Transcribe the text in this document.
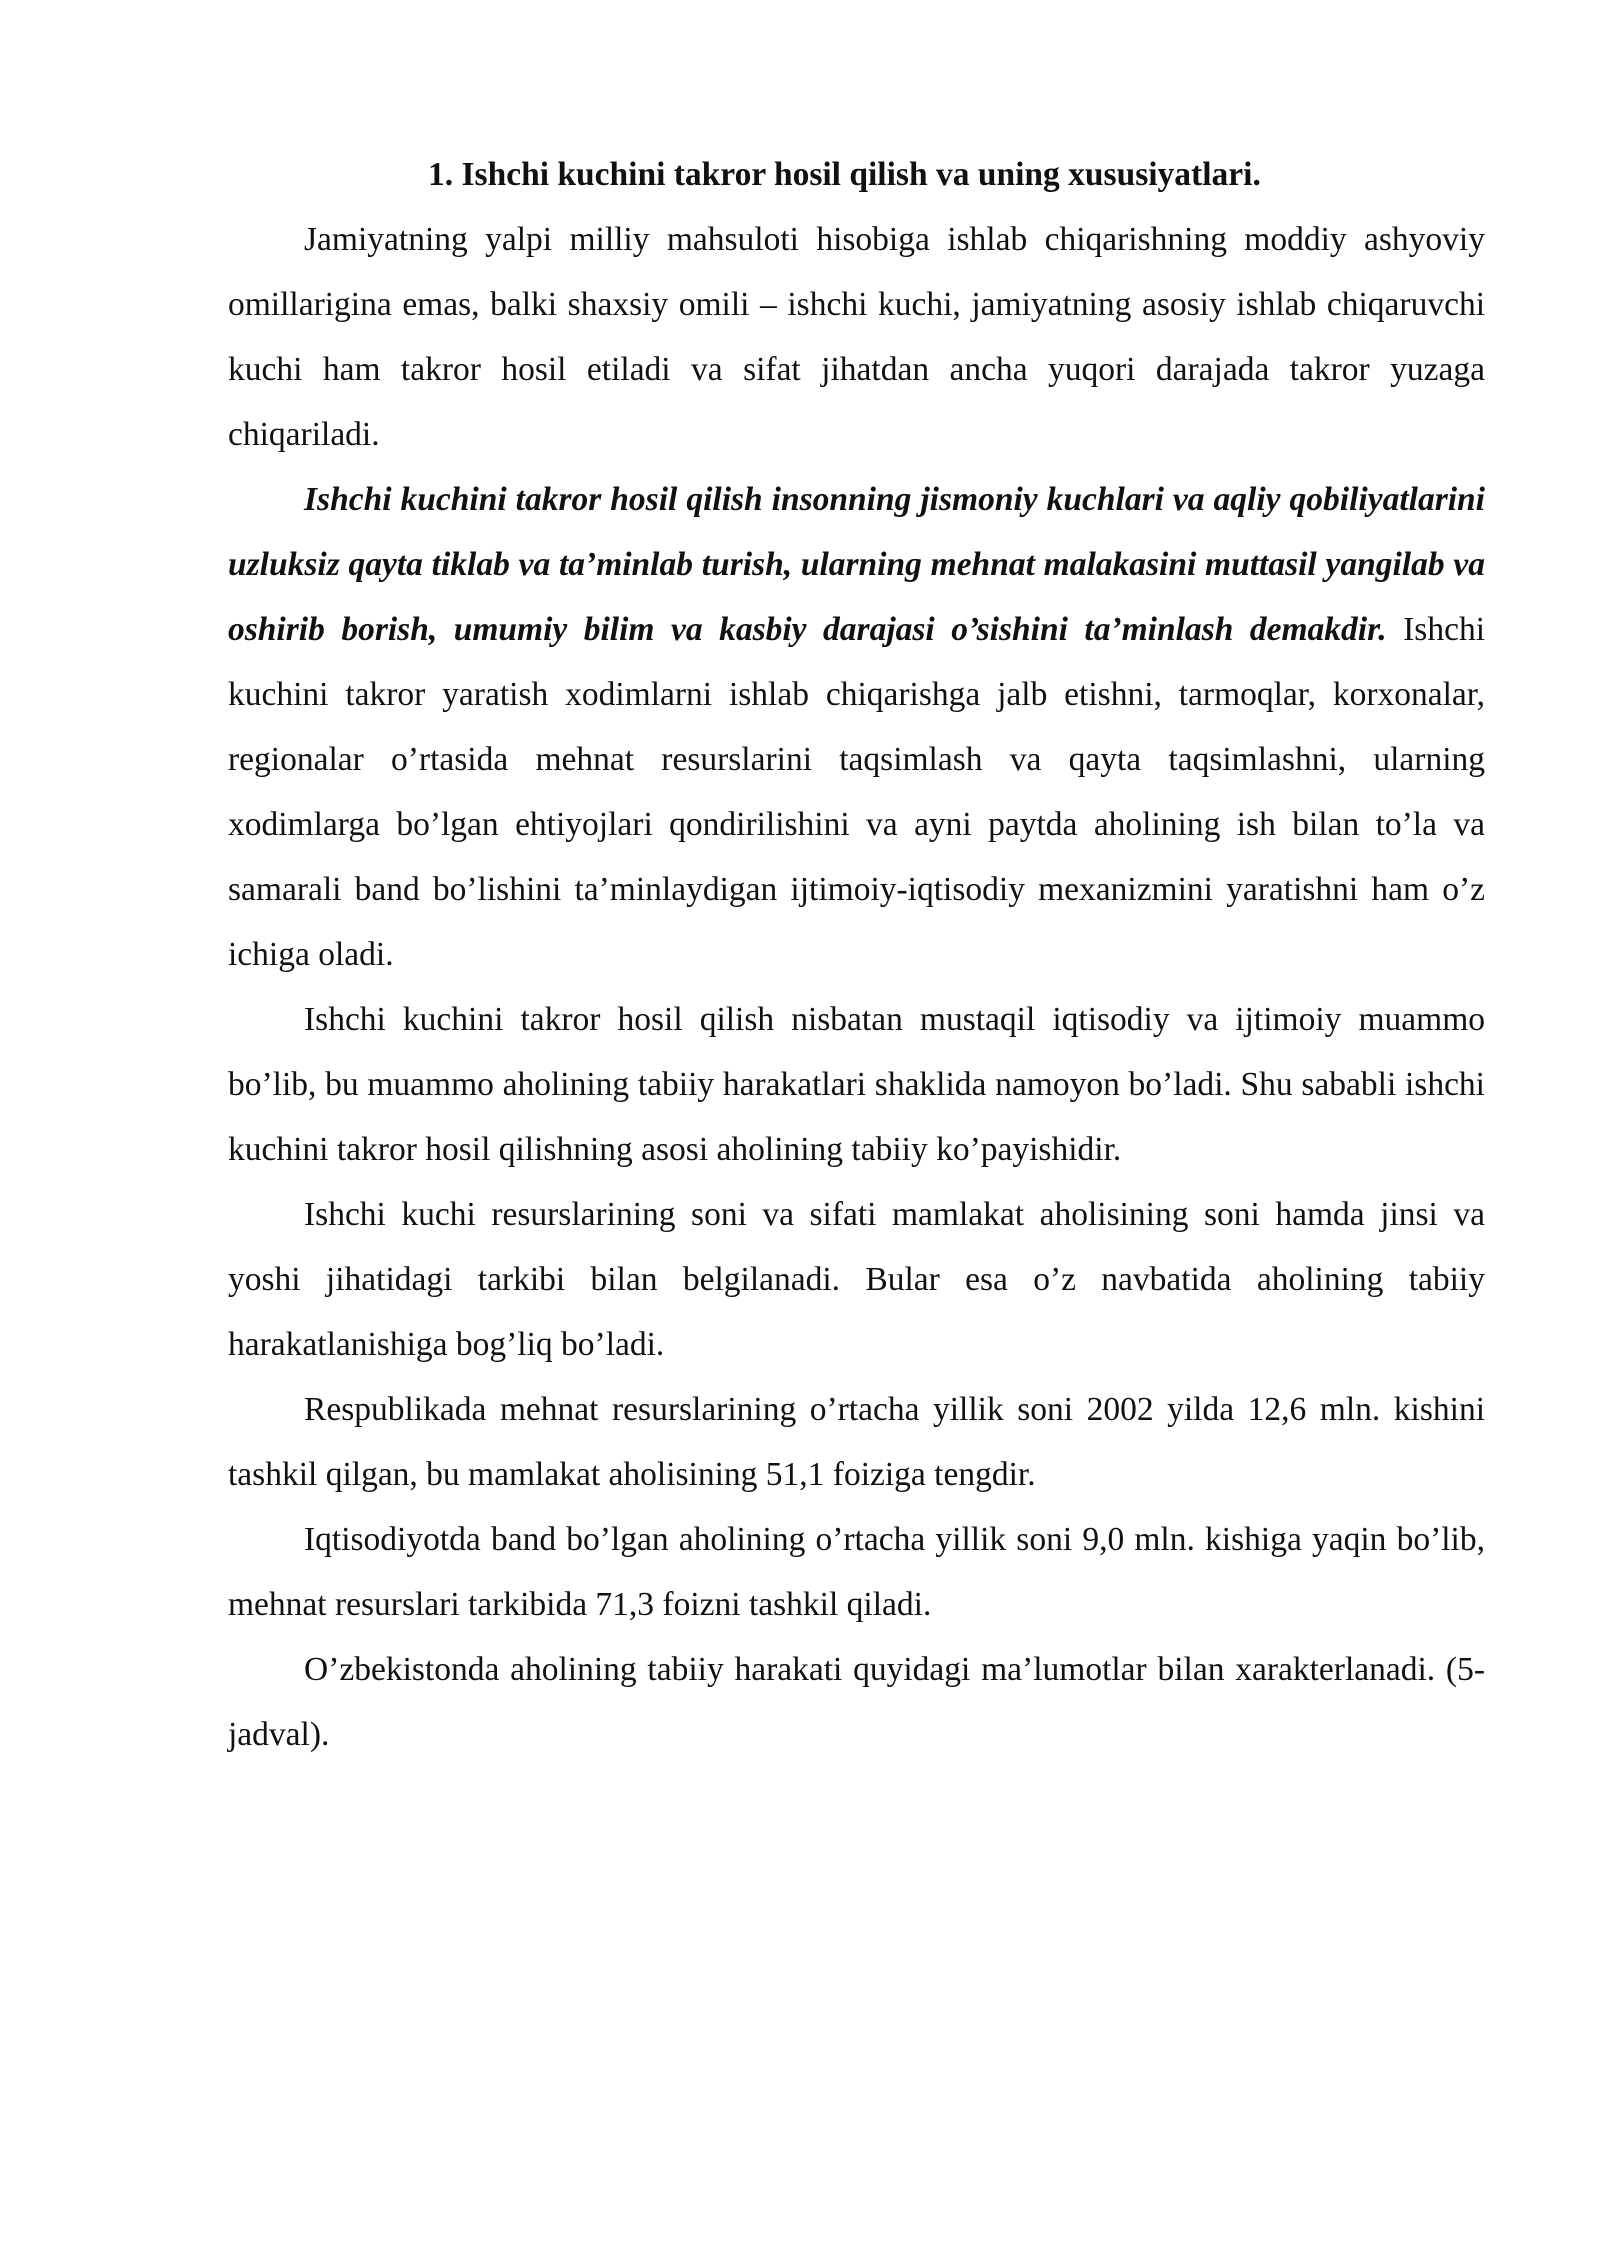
1. Ishchi kuchini takror hosil qilish va uning xususiyatlari.

Jamiyatning yalpi milliy mahsuloti hisobiga ishlab chiqarishning moddiy ashyoviy omillarigina emas, balki shaxsiy omili – ishchi kuchi, jamiyatning asosiy ishlab chiqaruvchi kuchi ham takror hosil etiladi va sifat jihatdan ancha yuqori darajada takror yuzaga chiqariladi.

Ishchi kuchini takror hosil qilish insonning jismoniy kuchlari va aqliy qobiliyatlarini uzluksiz qayta tiklab va ta’minlab turish, ularning mehnat malakasini muttasil yangilab va oshirib borish, umumiy bilim va kasbiy darajasi o’sishini ta’minlash demakdir. Ishchi kuchini takror yaratish xodimlarni ishlab chiqarishga jalb etishni, tarmoqlar, korxonalar, regionalar o’rtasida mehnat resurslarini taqsimlash va qayta taqsimlashni, ularning xodimlarga bo’lgan ehtiyojlari qondirilishini va ayni paytda aholining ish bilan to’la va samarali band bo’lishini ta’minlaydigan ijtimoiy-iqtisodiy mexanizmini yaratishni ham o’z ichiga oladi.

Ishchi kuchini takror hosil qilish nisbatan mustaqil iqtisodiy va ijtimoiy muammo bo’lib, bu muammo aholining tabiiy harakatlari shaklida namoyon bo’ladi. Shu sababli ishchi kuchini takror hosil qilishning asosi aholining tabiiy ko’payishidir.

Ishchi kuchi resurslarining soni va sifati mamlakat aholisining soni hamda jinsi va yoshi jihatidagi tarkibi bilan belgilanadi. Bular esa o’z navbatida aholining tabiiy harakatlanishiga bog’liq bo’ladi.

Respublikada mehnat resurslarining o’rtacha yillik soni 2002 yilda 12,6 mln. kishini tashkil qilgan, bu mamlakat aholisining 51,1 foiziga tengdir.

Iqtisodiyotda band bo’lgan aholining o’rtacha yillik soni 9,0 mln. kishiga yaqin bo’lib, mehnat resurslari tarkibida 71,3 foizni tashkil qiladi.

O’zbekistonda aholining tabiiy harakati quyidagi ma’lumotlar bilan xarakterlanadi. (5-jadval).
